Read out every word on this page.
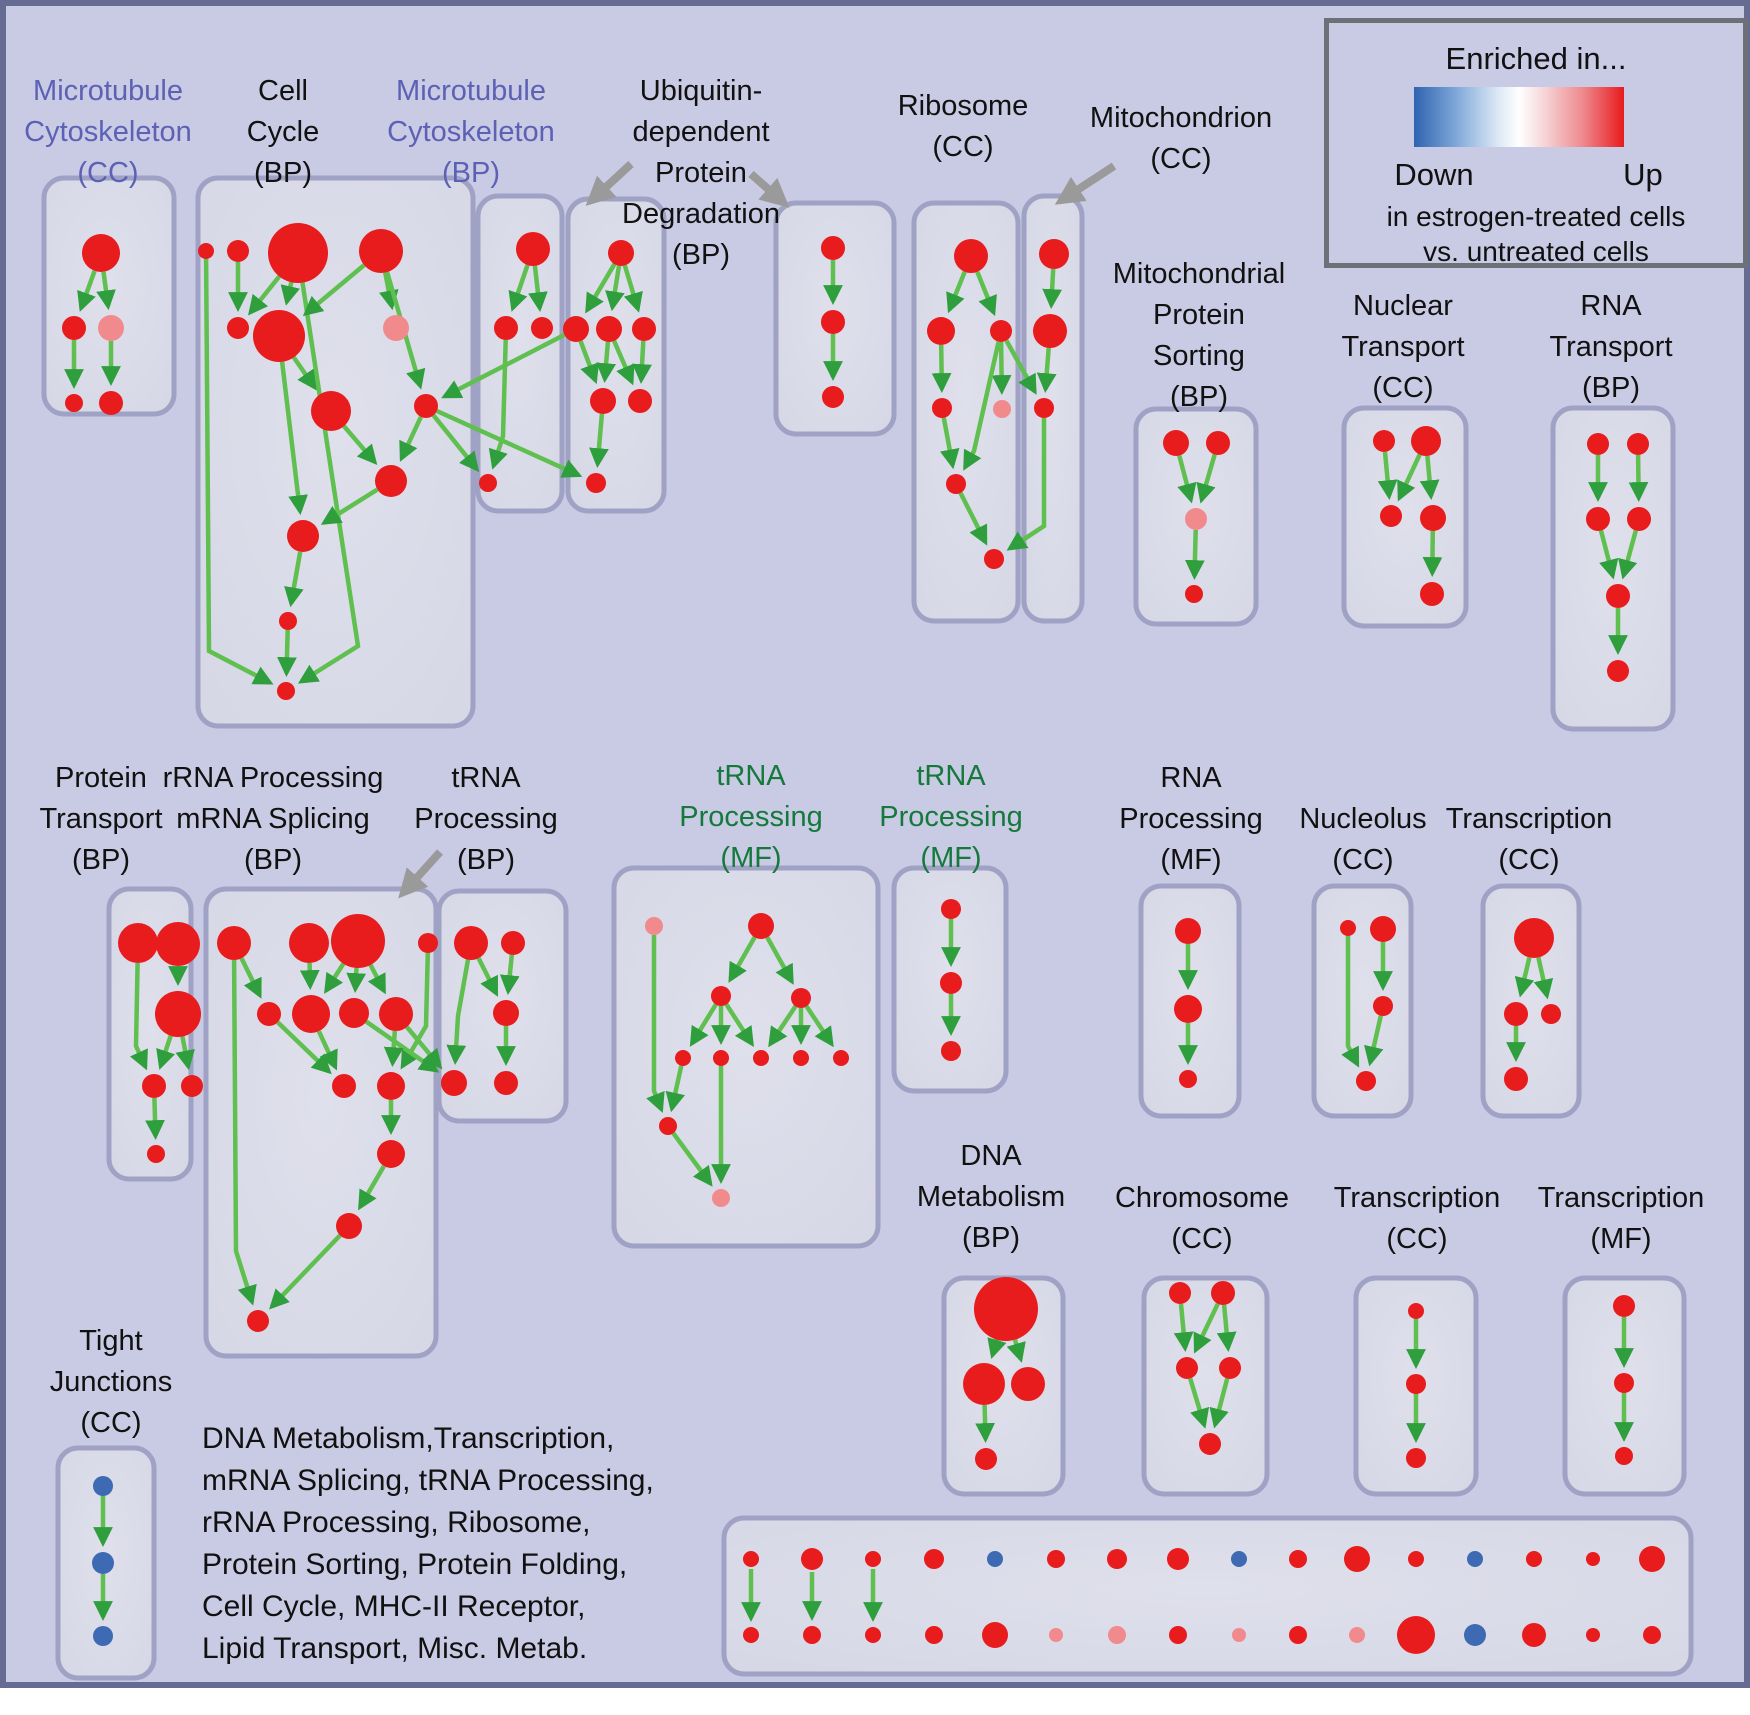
Enriched in...
Down	Up
in estrogen-treated cells
vs. untreated cells
Microtubule
Cytoskeleton
(CC)
Cell
Cycle
(BP)
Microtubule
Cytoskeleton
(BP)
Ubiquitin-
dependent
Protein
Degradation
(BP)
Ribosome
(CC)
Mitochondrion
(CC)
Mitochondrial
Protein
Sorting
(BP)
Nuclear
Transport
(CC)
RNA
Transport
(BP)
Protein
Transport
(BP)
rRNA Processing
mRNA Splicing
(BP)
tRNA
Processing
(BP)
tRNA
Processing
(MF)
tRNA
Processing
(MF)
RNA
Processing
(MF)
Nucleolus
(CC)
Transcription
(CC)
DNA
Metabolism
(BP)
Chromosome
(CC)
Transcription
(CC)
Transcription
(MF)
Tight
Junctions
(CC)	DNA Metabolism,Transcription,
mRNA Splicing, tRNA Processing,
rRNA Processing, Ribosome,
Protein Sorting, Protein Folding,
Cell Cycle, MHC-II Receptor,
Lipid Transport, Misc. Metab.
